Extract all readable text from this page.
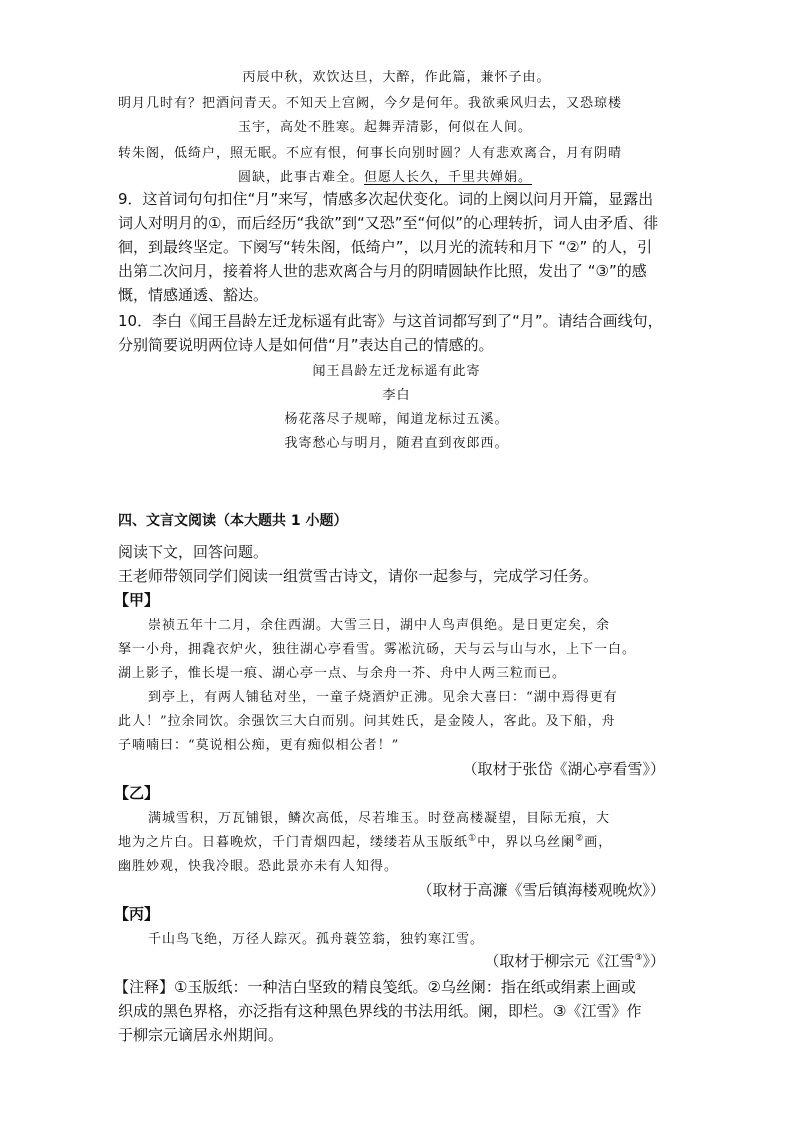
丙辰中秋，欢饮达旦，大醉，作此篇，兼怀子由。
明月几时有？把酒问青天。不知天上宫阙，今夕是何年。我欲乘风归去，又恐琼楼
玉宇，高处不胜寒。起舞弄清影，何似在人间。
转朱阁，低绮户，照无眠。不应有恨，何事长向别时圆？人有悲欢离合，月有阴晴
圆缺，此事古难全。但愿人长久，千里共婵娟。
9．这首词句句扣住“月”来写，情感多次起伏变化。词的上阕以问月开篇，显露出
词人对明月的①，而后经历“我欲”到“又恐”至“何似”的心理转折，词人由矛盾、徘
徊，到最终坚定。下阕写“转朱阁，低绮户”，以月光的流转和月下 “②” 的人，引
出第二次问月，接着将人世的悲欢离合与月的阴晴圆缺作比照，发出了 “③”的感
慨，情感通透、豁达。
10．李白《闻王昌龄左迁龙标遥有此寄》与这首词都写到了“月”。请结合画线句，
分别简要说明两位诗人是如何借“月”表达自己的情感的。
闻王昌龄左迁龙标遥有此寄
李白
杨花落尽子规啼，闻道龙标过五溪。
我寄愁心与明月，随君直到夜郎西。
四、文言文阅读（本大题共 1 小题）
阅读下文，回答问题。
王老师带领同学们阅读一组赏雪古诗文，请你一起参与，完成学习任务。
【甲】
崇祯五年十二月，余住西湖。大雪三日，湖中人鸟声俱绝。是日更定矣，余
拏一小舟，拥毳衣炉火，独往湖心亭看雪。雾凇沆砀，天与云与山与水，上下一白。
湖上影子，惟长堤一痕、湖心亭一点、与余舟一芥、舟中人两三粒而已。
到亭上，有两人铺毡对坐，一童子烧酒炉正沸。见余大喜曰：“湖中焉得更有
此人！”拉余同饮。余强饮三大白而别。问其姓氏，是金陵人，客此。及下船，舟
子喃喃曰：“莫说相公痴，更有痴似相公者！”
（取材于张岱《湖心亭看雪》）
【乙】
满城雪积，万瓦铺银，鳞次高低，尽若堆玉。时登高楼凝望，目际无痕，大
地为之片白。日暮晚炊，千门青烟四起，缕缕若从玉版纸①中，界以乌丝阑②画，
幽胜妙观，快我冷眼。恐此景亦未有人知得。
（取材于高濂《雪后镇海楼观晚炊》）
【丙】
千山鸟飞绝，万径人踪灭。孤舟蓑笠翁，独钓寒江雪。
（取材于柳宗元《江雪③》）
【注释】①玉版纸：一种洁白坚致的精良笺纸。②乌丝阑：指在纸或绢素上画或
织成的黑色界格，亦泛指有这种黑色界线的书法用纸。阑，即栏。③《江雪》作
于柳宗元谪居永州期间。
